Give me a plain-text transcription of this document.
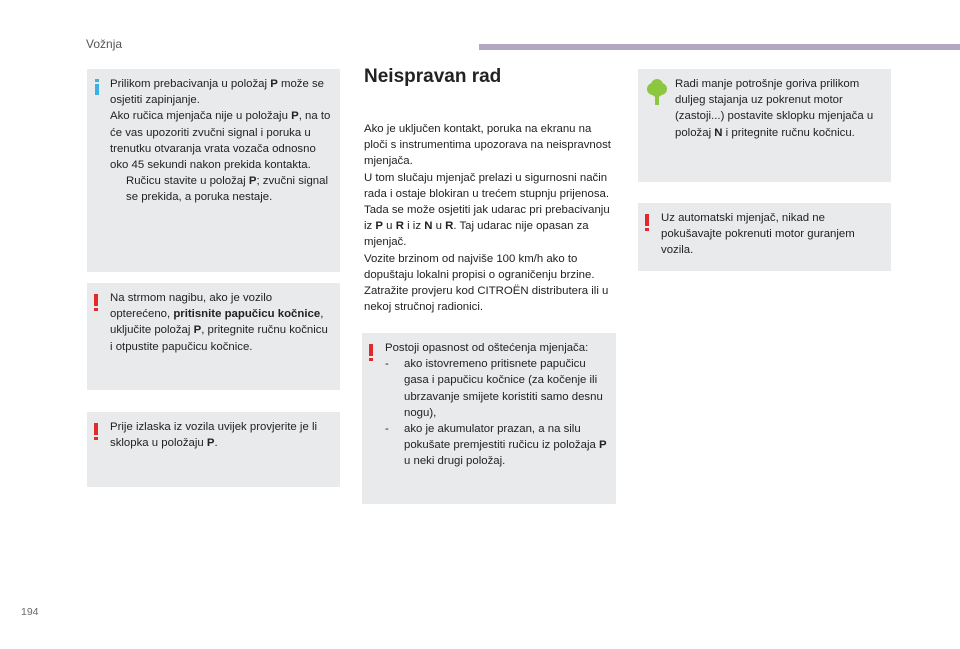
Vožnja

Prilikom prebacivanja u položaj P može se osjetiti zapinjanje.

Ako ručica mjenjača nije u položaju P, na to će vas upozoriti zvučni signal i poruka u trenutku otvaranja vrata vozača odnosno oko 45 sekundi nakon prekida kontakta.

Ručicu stavite u položaj P; zvučni signal se prekida, a poruka nestaje.

Na strmom nagibu, ako je vozilo opterećeno, pritisnite papučicu kočnice, uključite položaj P, pritegnite ručnu kočnicu i otpustite papučicu kočnice.

Prije izlaska iz vozila uvijek provjerite je li sklopka u položaju P.

Neispravan rad

Ako je uključen kontakt, poruka na ekranu na ploči s instrumentima upozorava na neispravnost mjenjača.

U tom slučaju mjenjač prelazi u sigurnosni način rada i ostaje blokiran u trećem stupnju prijenosa. Tada se može osjetiti jak udarac pri prebacivanju iz P u R i iz N u R. Taj udarac nije opasan za mjenjač.

Vozite brzinom od najviše 100 km/h ako to dopuštaju lokalni propisi o ograničenju brzine.

Zatražite provjeru kod CITROËN distributera ili u nekoj stručnoj radionici.

Postoji opasnost od oštećenja mjenjača:

-	ako istovremeno pritisnete papučicu gasa i papučicu kočnice (za kočenje ili ubrzavanje smijete koristiti samo desnu nogu),
-	ako je akumulator prazan, a na silu pokušate premjestiti ručicu iz položaja P u neki drugi položaj.

Radi manje potrošnje goriva prilikom duljeg stajanja uz pokrenut motor (zastoji...) postavite sklopku mjenjača u položaj N i pritegnite ručnu kočnicu.

Uz automatski mjenjač, nikad ne pokušavajte pokrenuti motor guranjem vozila.

194
